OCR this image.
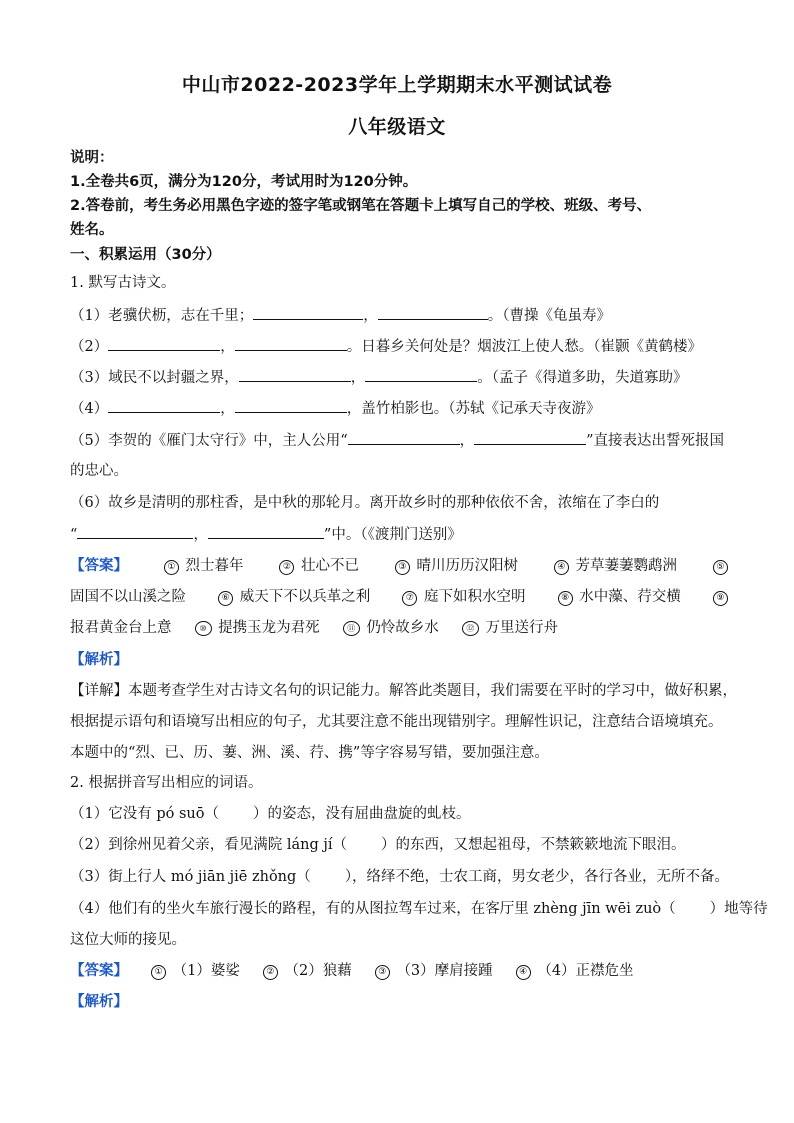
中山市2022-2023学年上学期期末水平测试试卷
八年级语文
说明：
1.全卷共6页，满分为120分，考试用时为120分钟。
2.答卷前，考生务必用黑色字迹的签字笔或钢笔在答题卡上填写自己的学校、班级、考号、
姓名。
一、积累运用（30分）
1. 默写古诗文。
（1）老骥伏枥，志在千里；	，	。（曹操《龟虽寿》
（2）	，	。日暮乡关何处是？烟波江上使人愁。（崔颢《黄鹤楼》
（3）域民不以封疆之界，	，	。（孟子《得道多助，失道寡助》
（4）	，	，盖竹柏影也。（苏轼《记承天寺夜游》
（5）李贺的《雁门太守行》中，主人公用“	，	”直接表达出誓死报国
的忠心。
（6）故乡是清明的那柱香，是中秋的那轮月。离开故乡时的那种依依不舍，浓缩在了李白的
“	，	”中。（《渡荆门送别》
【答案】	① 烈士暮年	② 壮心不已	③ 晴川历历汉阳树	④ 芳草萋萋鹦鹉洲	⑤
固国不以山溪之险	⑥ 威天下不以兵革之利	⑦ 庭下如积水空明	⑧ 水中藻、荇交横	⑨
报君黄金台上意	⑩ 提携玉龙为君死	⑪ 仍怜故乡水	⑫ 万里送行舟
【解析】
【详解】本题考查学生对古诗文名句的识记能力。解答此类题目，我们需要在平时的学习中，做好积累，
根据提示语句和语境写出相应的句子，尤其要注意不能出现错别字。理解性识记，注意结合语境填充。
本题中的“烈、已、历、萋、洲、溪、荇、携”等字容易写错，要加强注意。
2. 根据拼音写出相应的词语。
（1）它没有 pó suō（ ）的姿态，没有屈曲盘旋的虬枝。
（2）到徐州见着父亲，看见满院 láng jí（ ）的东西，又想起祖母，不禁簌簌地流下眼泪。
（3）街上行人 mó jiān jiē zhǒng（ ），络绎不绝，士农工商，男女老少，各行各业，无所不备。
（4）他们有的坐火车旅行漫长的路程，有的从图拉驾车过来，在客厅里 zhèng jīn wēi zuò（ ）地等待
这位大师的接见。
【答案】	① （1）婆娑	② （2）狼藉	③ （3）摩肩接踵	④ （4）正襟危坐
【解析】
